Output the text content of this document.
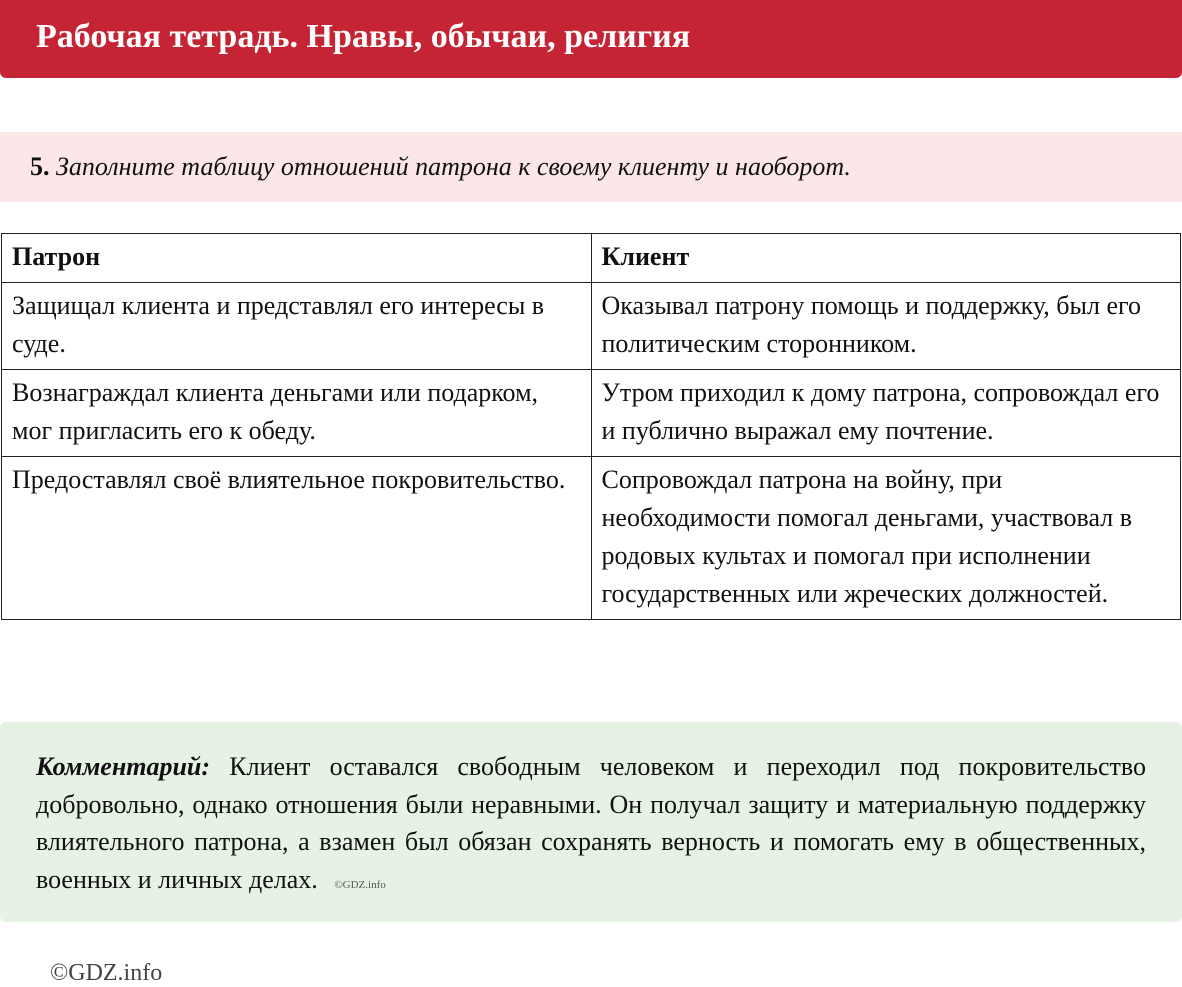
Рабочая тетрадь. Нравы, обычаи, религия
5. Заполните таблицу отношений патрона к своему клиенту и наоборот.
Патрон	Клиент
Защищал клиента и представлял его интересы в суде.	Оказывал патрону помощь и поддержку, был его политическим сторонником.
Вознаграждал клиента деньгами или подарком, мог пригласить его к обеду.	Утром приходил к дому патрона, сопровождал его и публично выражал ему почтение.
Предоставлял своё влиятельное покровительство.	Сопровождал патрона на войну, при необходимости помогал деньгами, участвовал в родовых культах и помогал при исполнении государственных или жреческих должностей.
Комментарий: Клиент оставался свободным человеком и переходил под покровительство добровольно, однако отношения были неравными. Он получал защиту и материальную поддержку влиятельного патрона, а взамен был обязан сохранять верность и помогать ему в общественных, военных и личных делах. ©GDZ.info
©GDZ.info
